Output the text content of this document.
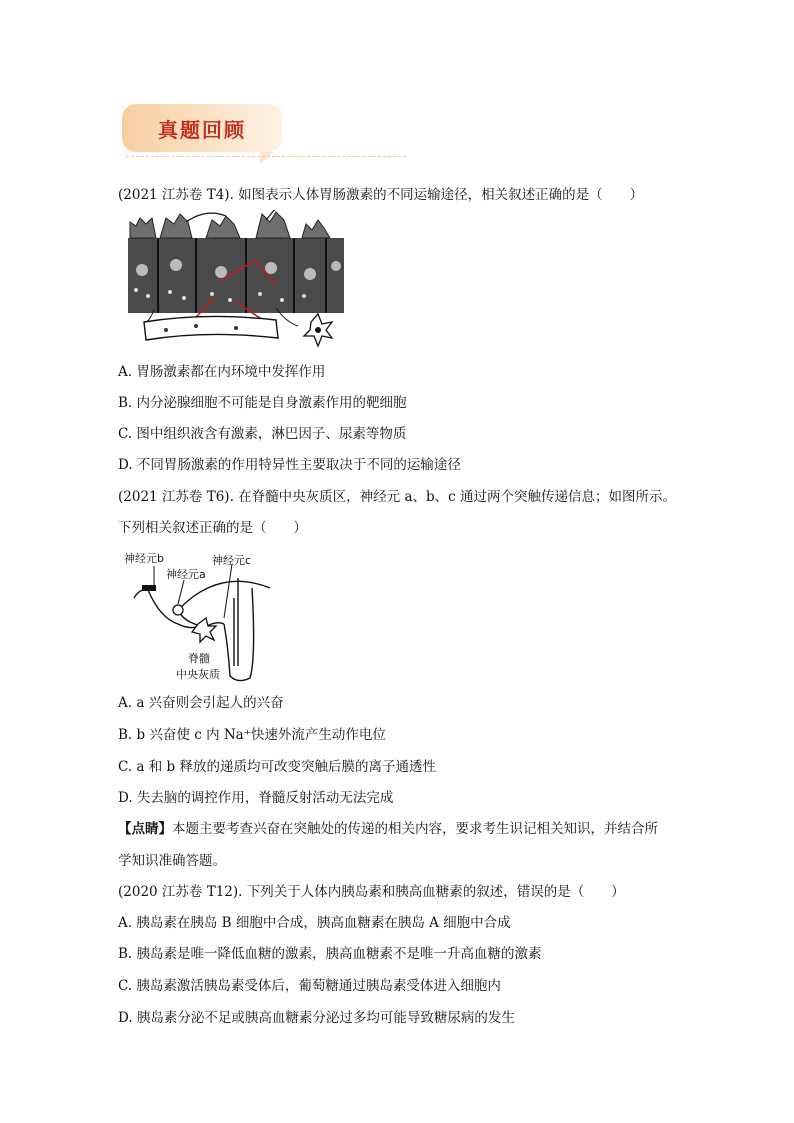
真题回顾
(2021 江苏卷 T4). 如图表示人体胃肠激素的不同运输途径，相关叙述正确的是（　　）
A. 胃肠激素都在内环境中发挥作用
B. 内分泌腺细胞不可能是自身激素作用的靶细胞
C. 图中组织液含有激素，淋巴因子、尿素等物质
D. 不同胃肠激素的作用特异性主要取决于不同的运输途径
(2021 江苏卷 T6). 在脊髓中央灰质区，神经元 a、b、c 通过两个突触传递信息；如图所示。
下列相关叙述正确的是（　　）
神经元b
神经元a
神经元c
脊髓
中央灰质
A. a 兴奋则会引起人的兴奋
B. b 兴奋使 c 内 Na⁺快速外流产生动作电位
C. a 和 b 释放的递质均可改变突触后膜的离子通透性
D. 失去脑的调控作用，脊髓反射活动无法完成
【点睛】本题主要考查兴奋在突触处的传递的相关内容，要求考生识记相关知识，并结合所
学知识准确答题。
(2020 江苏卷 T12). 下列关于人体内胰岛素和胰高血糖素的叙述，错误的是（　　）
A. 胰岛素在胰岛 B 细胞中合成，胰高血糖素在胰岛 A 细胞中合成
B. 胰岛素是唯一降低血糖的激素，胰高血糖素不是唯一升高血糖的激素
C. 胰岛素激活胰岛素受体后，葡萄糖通过胰岛素受体进入细胞内
D. 胰岛素分泌不足或胰高血糖素分泌过多均可能导致糖尿病的发生
